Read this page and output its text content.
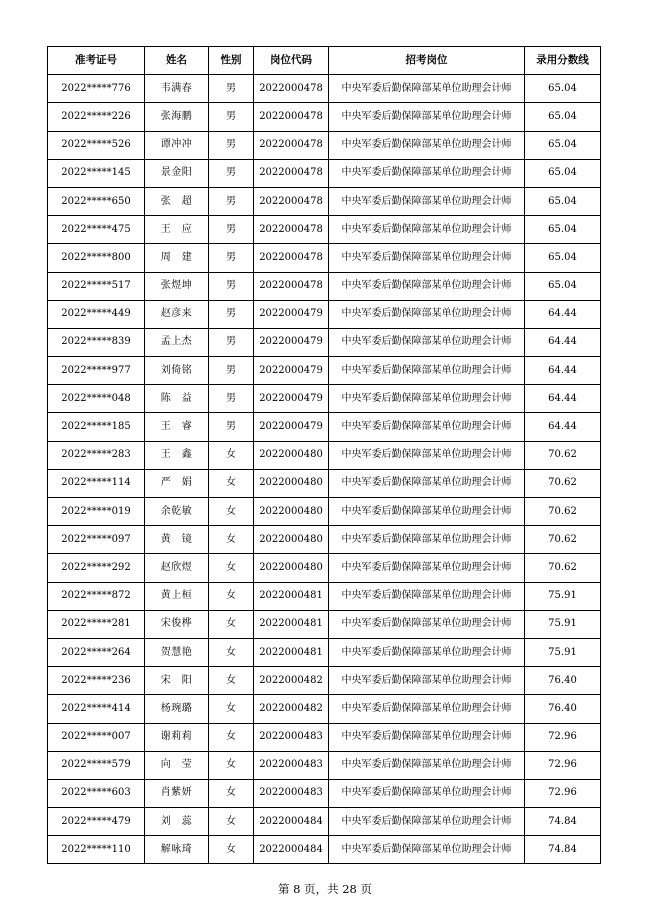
准考证号	姓名	性别	岗位代码	招考岗位	录用分数线
2022*****776	韦满春	男	2022000478	中央军委后勤保障部某单位助理会计师	65.04
2022*****226	张海鹏	男	2022000478	中央军委后勤保障部某单位助理会计师	65.04
2022*****526	谭冲冲	男	2022000478	中央军委后勤保障部某单位助理会计师	65.04
2022*****145	景金阳	男	2022000478	中央军委后勤保障部某单位助理会计师	65.04
2022*****650	张　超	男	2022000478	中央军委后勤保障部某单位助理会计师	65.04
2022*****475	王　应	男	2022000478	中央军委后勤保障部某单位助理会计师	65.04
2022*****800	周　建	男	2022000478	中央军委后勤保障部某单位助理会计师	65.04
2022*****517	张煜坤	男	2022000478	中央军委后勤保障部某单位助理会计师	65.04
2022*****449	赵彦来	男	2022000479	中央军委后勤保障部某单位助理会计师	64.44
2022*****839	孟上杰	男	2022000479	中央军委后勤保障部某单位助理会计师	64.44
2022*****977	刘倚铭	男	2022000479	中央军委后勤保障部某单位助理会计师	64.44
2022*****048	陈　益	男	2022000479	中央军委后勤保障部某单位助理会计师	64.44
2022*****185	王　睿	男	2022000479	中央军委后勤保障部某单位助理会计师	64.44
2022*****283	王　鑫	女	2022000480	中央军委后勤保障部某单位助理会计师	70.62
2022*****114	严　娟	女	2022000480	中央军委后勤保障部某单位助理会计师	70.62
2022*****019	余乾敏	女	2022000480	中央军委后勤保障部某单位助理会计师	70.62
2022*****097	黄　镜	女	2022000480	中央军委后勤保障部某单位助理会计师	70.62
2022*****292	赵欣煜	女	2022000480	中央军委后勤保障部某单位助理会计师	70.62
2022*****872	黄上桓	女	2022000481	中央军委后勤保障部某单位助理会计师	75.91
2022*****281	宋俊桦	女	2022000481	中央军委后勤保障部某单位助理会计师	75.91
2022*****264	贺慧艳	女	2022000481	中央军委后勤保障部某单位助理会计师	75.91
2022*****236	宋　阳	女	2022000482	中央军委后勤保障部某单位助理会计师	76.40
2022*****414	杨琬璐	女	2022000482	中央军委后勤保障部某单位助理会计师	76.40
2022*****007	谢莉莉	女	2022000483	中央军委后勤保障部某单位助理会计师	72.96
2022*****579	向　莹	女	2022000483	中央军委后勤保障部某单位助理会计师	72.96
2022*****603	肖紫妍	女	2022000483	中央军委后勤保障部某单位助理会计师	72.96
2022*****479	刘　蕊	女	2022000484	中央军委后勤保障部某单位助理会计师	74.84
2022*****110	解咏琦	女	2022000484	中央军委后勤保障部某单位助理会计师	74.84
第 8 页，共 28 页
